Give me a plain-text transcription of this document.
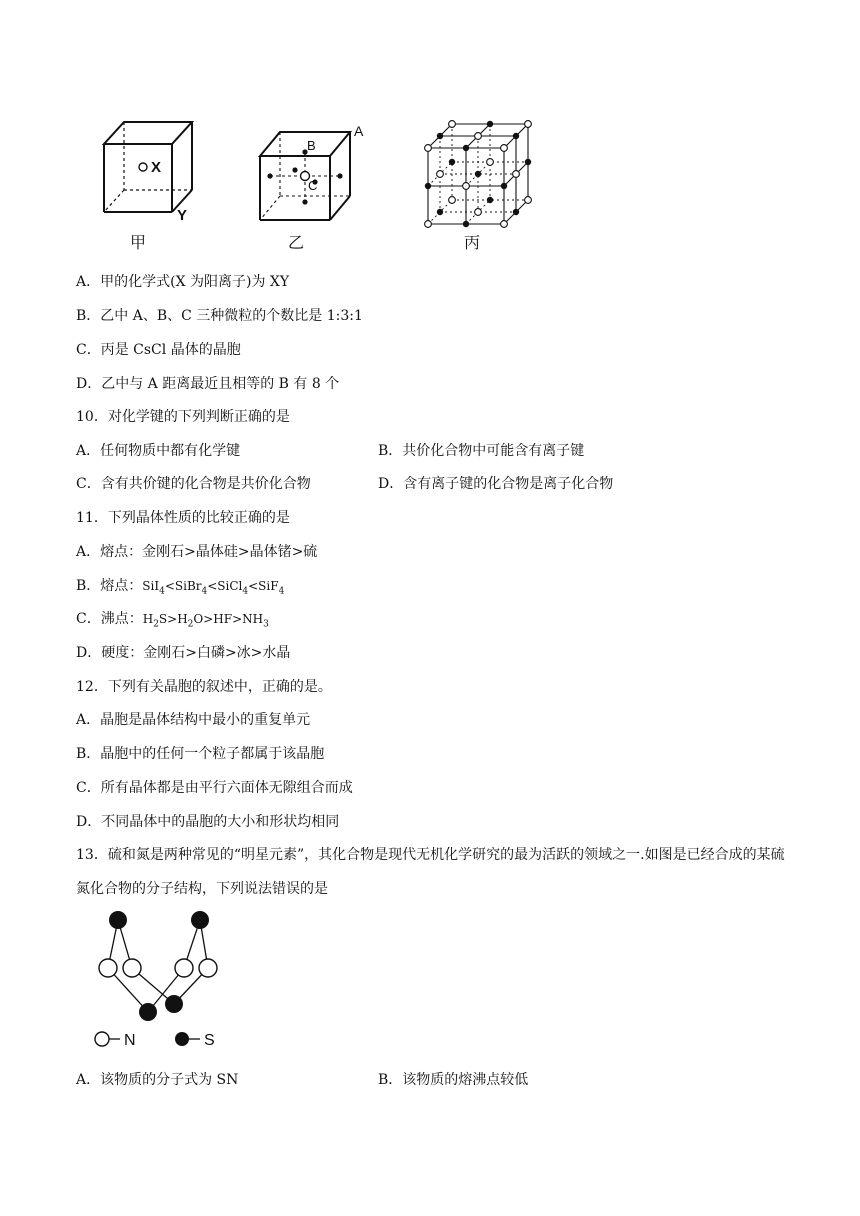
X
Y
甲
B
C
A
乙	丙
A．甲的化学式(X 为阳离子)为 XY
B．乙中 A、B、C 三种微粒的个数比是 1:3:1
C．丙是 CsCl 晶体的晶胞
D．乙中与 A 距离最近且相等的 B 有 8 个
10．对化学键的下列判断正确的是
A．任何物质中都有化学键	B．共价化合物中可能含有离子键
C．含有共价键的化合物是共价化合物	D．含有离子键的化合物是离子化合物
11．下列晶体性质的比较正确的是
A．熔点：金刚石>晶体硅>晶体锗>硫
B．熔点：SiI$_4$<SiBr$_4$<SiCl$_4$<SiF$_4$
C．沸点：$H_2S>H_2O>HF>NH_3$
D．硬度：金刚石>白磷>冰>水晶
12．下列有关晶胞的叙述中，正确的是。
A．晶胞是晶体结构中最小的重复单元
B．晶胞中的任何一个粒子都属于该晶胞
C．所有晶体都是由平行六面体无隙组合而成
D．不同晶体中的晶胞的大小和形状均相同
13．硫和氮是两种常见的“明星元素”，其化合物是现代无机化学研究的最为活跃的领域之一.如图是已经合成的某硫氮化合物的分子结构，下列说法错误的是
N	S
A．该物质的分子式为 SN	B．该物质的熔沸点较低
